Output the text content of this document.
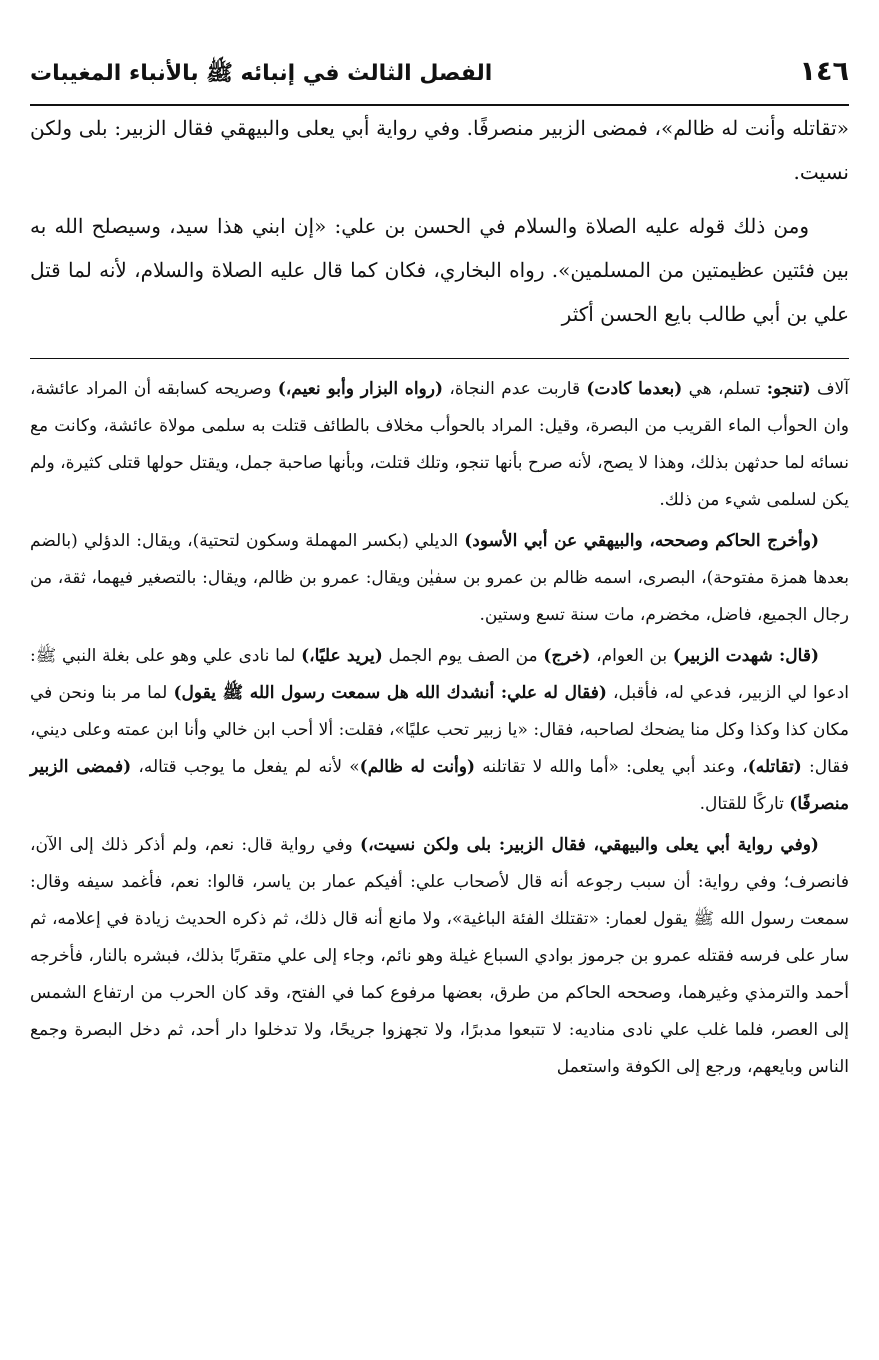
١٤٦
الفصل الثالث في إنبائه ﷺ بالأنباء المغيبات

«تقاتله وأنت له ظالم»، فمضى الزبير منصرفًا. وفي رواية أبي يعلى والبيهقي فقال الزبير: بلى ولكن نسيت.

ومن ذلك قوله عليه الصلاة والسلام في الحسن بن علي: «إن ابني هذا سيد، وسيصلح الله به بين فئتين عظيمتين من المسلمين». رواه البخاري، فكان كما قال عليه الصلاة والسلام، لأنه لما قتل علي بن أبي طالب بايع الحسن أكثر

آلاف (تنجو: تسلم، هي (بعدما كادت) قاربت عدم النجاة، (رواه البزار وأبو نعيم،) وصريحه كسابقه أن المراد عائشة، وان الحوأب الماء القريب من البصرة، وقيل: المراد بالحوأب مخلاف بالطائف قتلت به سلمى مولاة عائشة، وكانت مع نسائه لما حدثهن بذلك، وهذا لا يصح، لأنه صرح بأنها تنجو، وتلك قتلت، وبأنها صاحبة جمل، ويقتل حولها قتلى كثيرة، ولم يكن لسلمى شيء من ذلك.

(وأخرج الحاكم وصححه، والبيهقي عن أبي الأسود) الديلي (بكسر المهملة وسكون لتحتية)، ويقال: الدؤلي (بالضم بعدها همزة مفتوحة)، البصرى، اسمه ظالم بن عمرو بن سفيٰن ويقال: عمرو بن ظالم، ويقال: بالتصغير فيهما، ثقة، من رجال الجميع، فاضل، مخضرم، مات سنة تسع وستين.

(قال: شهدت الزبير) بن العوام، (خرج) من الصف يوم الجمل (يريد عليًا،) لما نادى علي وهو على بغلة النبي ﷺ: ادعوا لي الزبير، فدعي له، فأقبل، (فقال له علي: أنشدك الله هل سمعت رسول الله ﷺ يقول) لما مر بنا ونحن في مكان كذا وكذا وكل منا يضحك لصاحبه، فقال: «يا زبير تحب عليًا»، فقلت: ألا أحب ابن خالي وأنا ابن عمته وعلى ديني، فقال: (تقاتله)، وعند أبي يعلى: «أما والله لا تقاتلنه (وأنت له ظالم)» لأنه لم يفعل ما يوجب قتاله، (فمضى الزبير منصرفًا) تاركًا للقتال.

(وفي رواية أبي يعلى والبيهقي، فقال الزبير: بلى ولكن نسيت،) وفي رواية قال: نعم، ولم أذكر ذلك إلى الآن، فانصرف؛ وفي رواية: أن سبب رجوعه أنه قال لأصحاب علي: أفيكم عمار بن ياسر، قالوا: نعم، فأغمد سيفه وقال: سمعت رسول الله ﷺ يقول لعمار: «تقتلك الفئة الباغية»، ولا مانع أنه قال ذلك، ثم ذكره الحديث زيادة في إعلامه، ثم سار على فرسه فقتله عمرو بن جرموز بوادي السباع غيلة وهو نائم، وجاء إلى علي متقربًا بذلك، فبشره بالنار، فأخرجه أحمد والترمذي وغيرهما، وصححه الحاكم من طرق، بعضها مرفوع كما في الفتح، وقد كان الحرب من ارتفاع الشمس إلى العصر، فلما غلب علي نادى مناديه: لا تتبعوا مدبرًا، ولا تجهزوا جريحًا، ولا تدخلوا دار أحد، ثم دخل البصرة وجمع الناس وبايعهم، ورجع إلى الكوفة واستعمل
